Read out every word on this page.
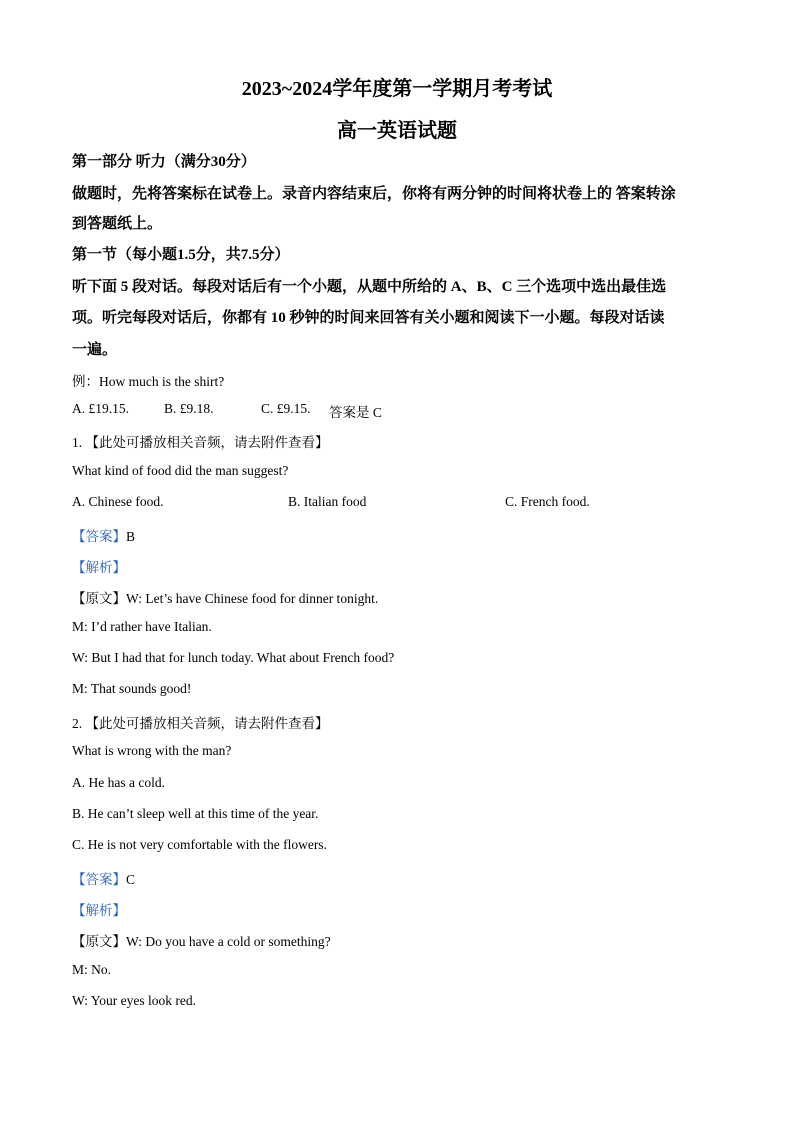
2023~2024学年度第一学期月考考试
高一英语试题
第一部分 听力（满分30分）
做题时，先将答案标在试卷上。录音内容结束后，你将有两分钟的时间将状卷上的 答案转涂
到答题纸上。
第一节（每小题1.5分，共7.5分）
听下面 5 段对话。每段对话后有一个小题，从题中所给的 A、B、C 三个选项中选出最佳选
项。听完每段对话后，你都有 10 秒钟的时间来回答有关小题和阅读下一小题。每段对话读
一遍。
例：How much is the shirt?
A. £19.15.	B. £9.18.	C. £9.15. 答案是 C
1. 【此处可播放相关音频，请去附件查看】
What kind of food did the man suggest?
A. Chinese food.	B. Italian food	C. French food.
【答案】B
【解析】
【原文】W: Let’s have Chinese food for dinner tonight.
M: I’d rather have Italian.
W: But I had that for lunch today. What about French food?
M: That sounds good!
2. 【此处可播放相关音频，请去附件查看】
What is wrong with the man?
A. He has a cold.
B. He can’t sleep well at this time of the year.
C. He is not very comfortable with the flowers.
【答案】C
【解析】
【原文】W: Do you have a cold or something?
M: No.
W: Your eyes look red.
